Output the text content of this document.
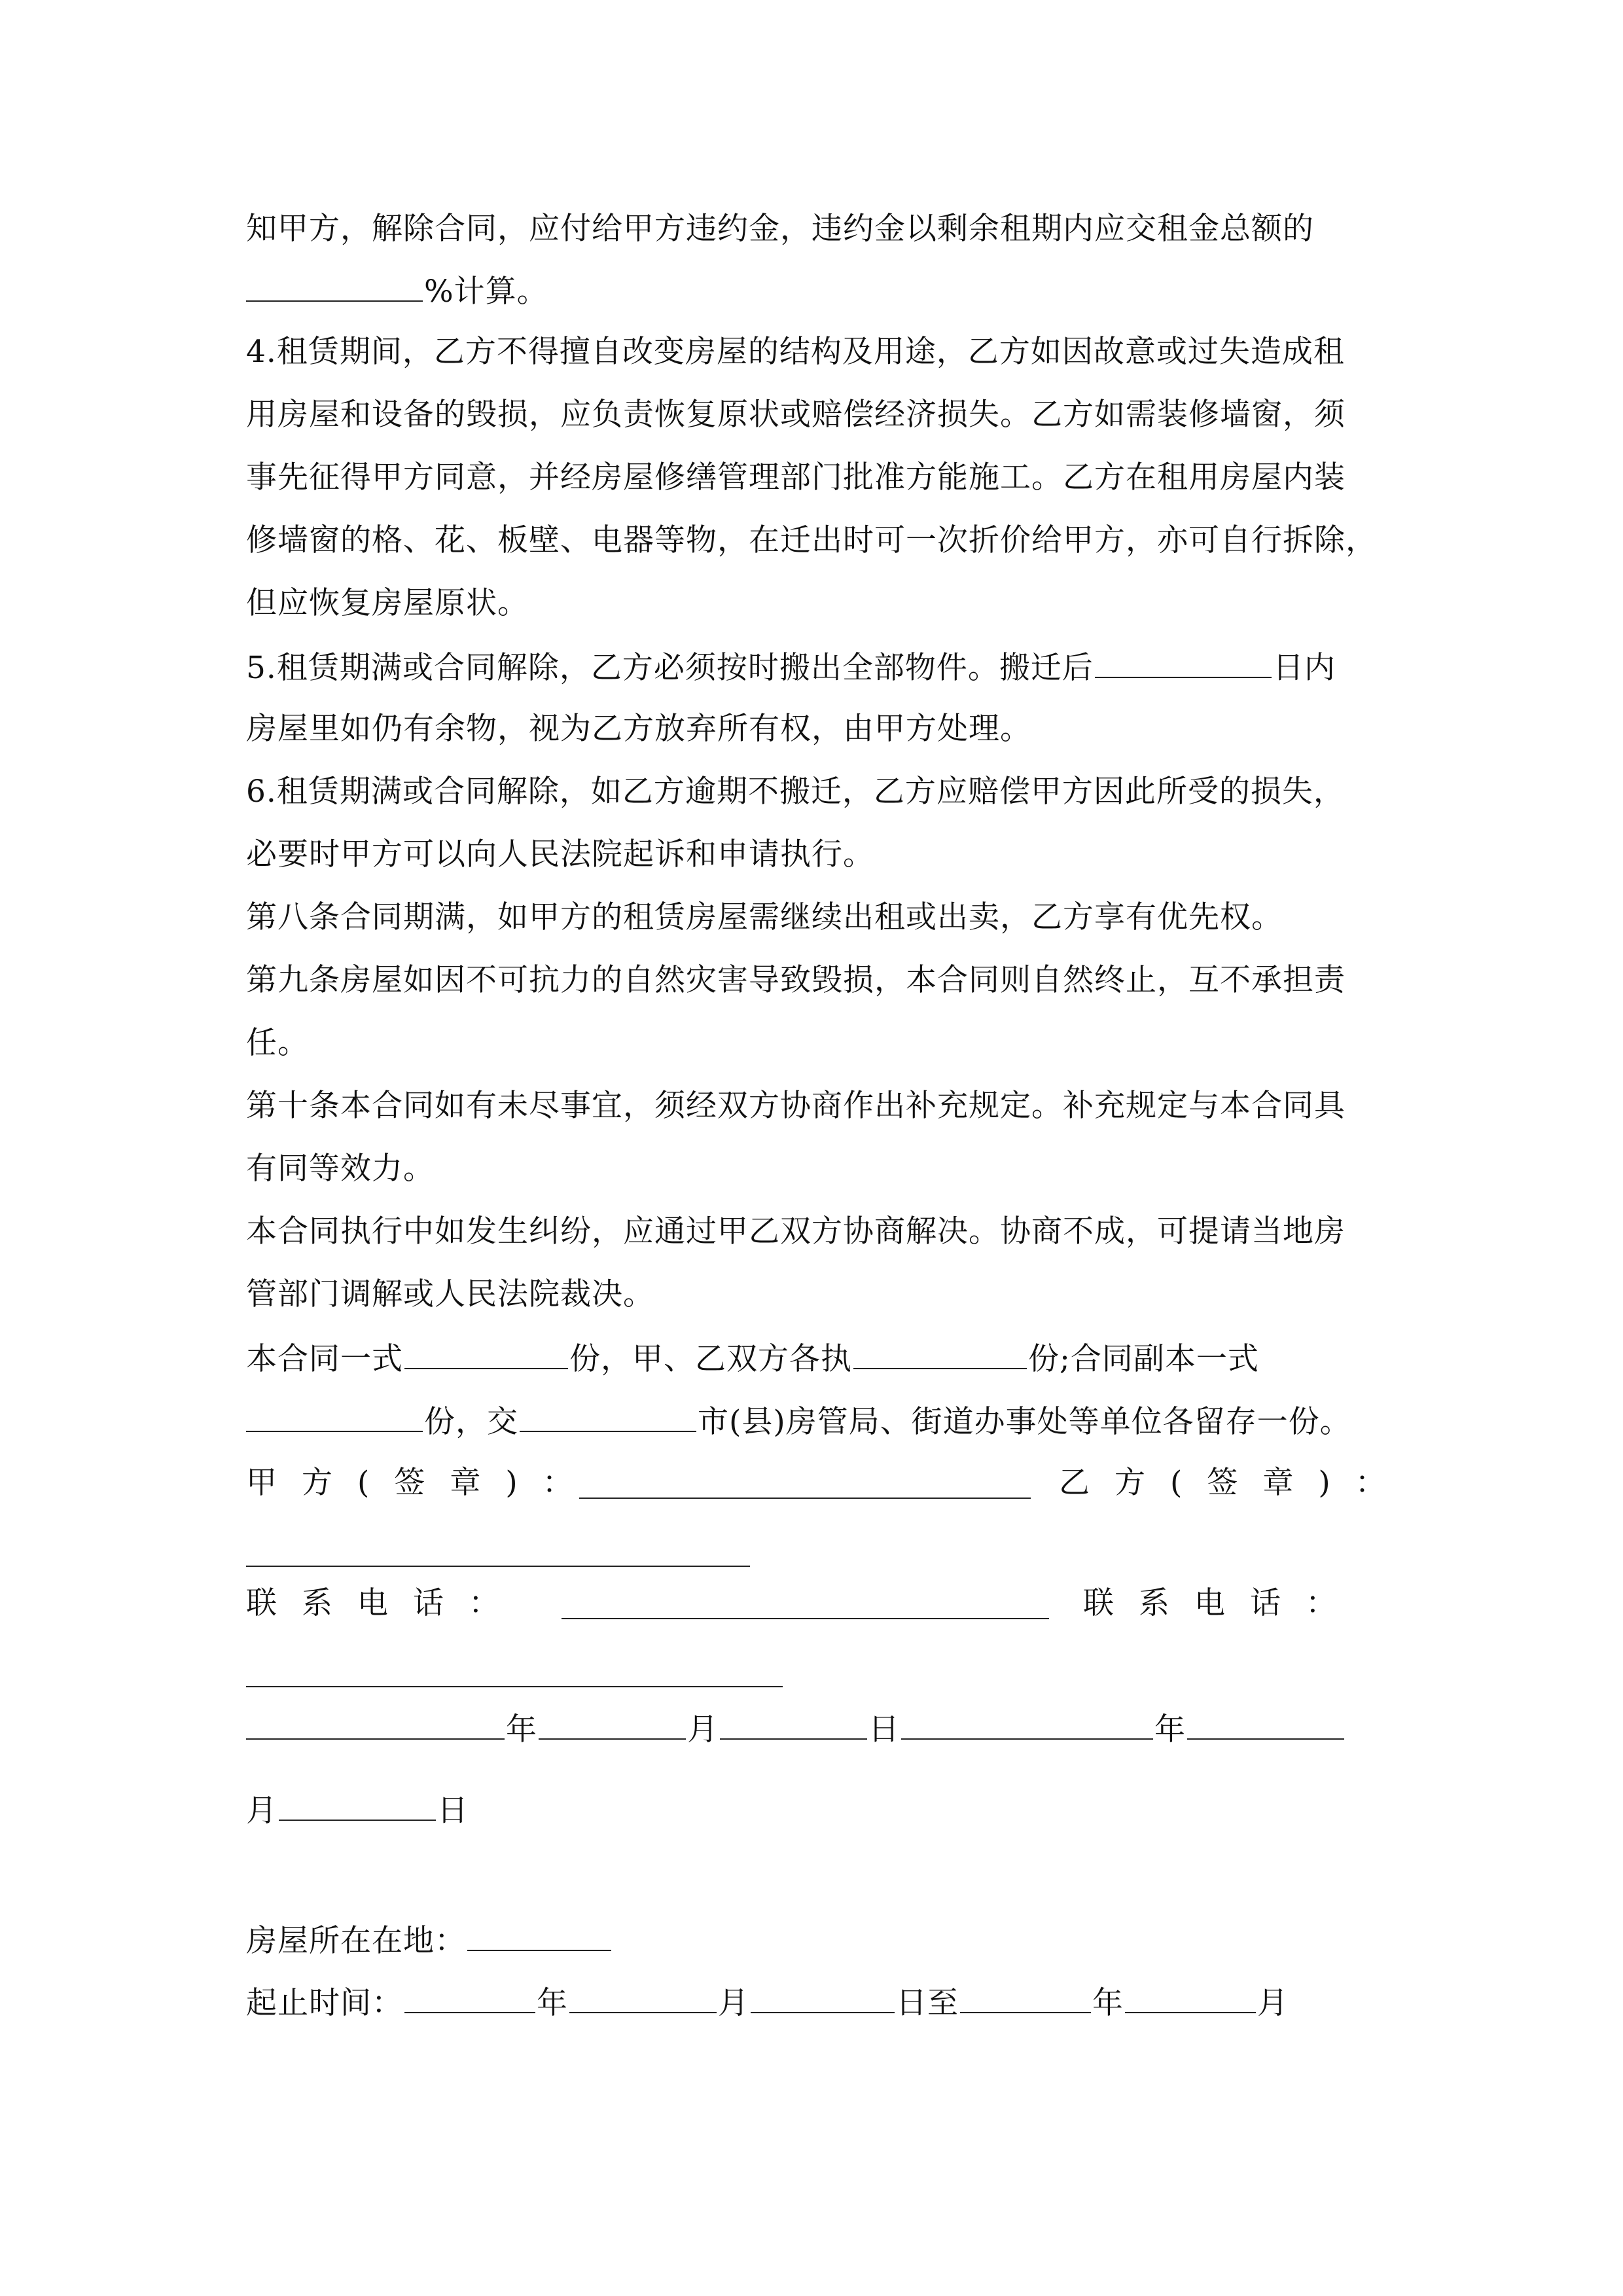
知甲方，解除合同，应付给甲方违约金，违约金以剩余租期内应交租金总额的
%计算。
4.租赁期间，乙方不得擅自改变房屋的结构及用途，乙方如因故意或过失造成租
用房屋和设备的毁损，应负责恢复原状或赔偿经济损失。乙方如需装修墙窗，须
事先征得甲方同意，并经房屋修缮管理部门批准方能施工。乙方在租用房屋内装
修墙窗的格、花、板壁、电器等物，在迁出时可一次折价给甲方，亦可自行拆除，
但应恢复房屋原状。
5.租赁期满或合同解除，乙方必须按时搬出全部物件。搬迁后	日内
房屋里如仍有余物，视为乙方放弃所有权，由甲方处理。
6.租赁期满或合同解除，如乙方逾期不搬迁，乙方应赔偿甲方因此所受的损失，
必要时甲方可以向人民法院起诉和申请执行。
第八条合同期满，如甲方的租赁房屋需继续出租或出卖，乙方享有优先权。
第九条房屋如因不可抗力的自然灾害导致毁损，本合同则自然终止，互不承担责
任。
第十条本合同如有未尽事宜，须经双方协商作出补充规定。补充规定与本合同具
有同等效力。
本合同执行中如发生纠纷，应通过甲乙双方协商解决。协商不成，可提请当地房
管部门调解或人民法院裁决。
本合同一式	份，甲、乙双方各执	份;合同副本一式
份，交	市(县)房管局、街道办事处等单位各留存一份。
甲方(签章)：	乙方(签章)：
联系电话：	联系电话：
年	月	日	年
月	日
房屋所在在地：
起止时间：	年	月	日至	年	月
